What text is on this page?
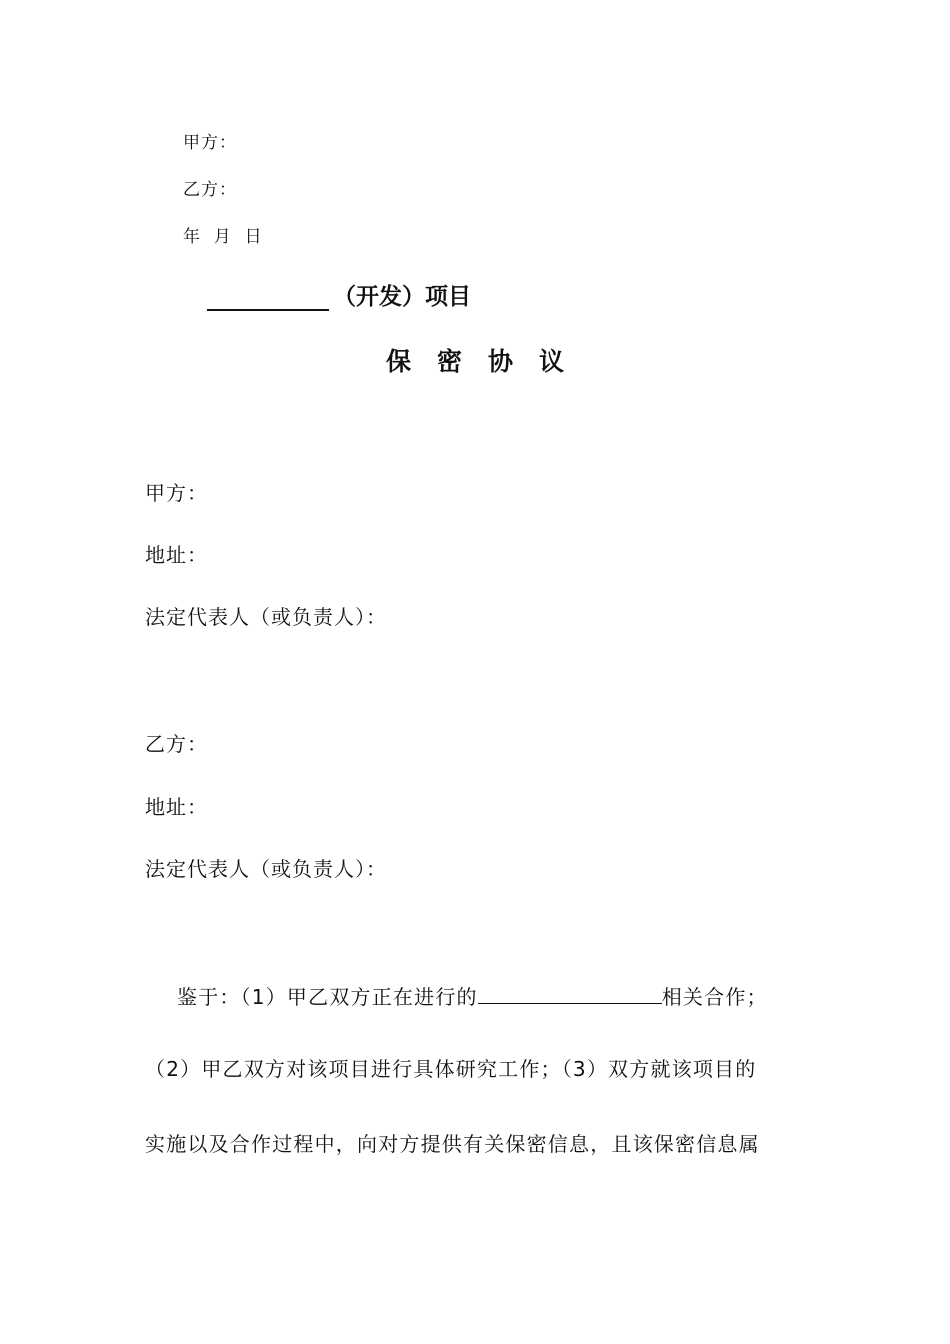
甲方：
乙方：
年  月  日
（开发）项目
保密协议
甲方：
地址：
法定代表人（或负责人）：
乙方：
地址：
法定代表人（或负责人）：
鉴于：（1）甲乙双方正在进行的	相关合作；
（2）甲乙双方对该项目进行具体研究工作；（3）双方就该项目的
实施以及合作过程中，向对方提供有关保密信息，且该保密信息属
